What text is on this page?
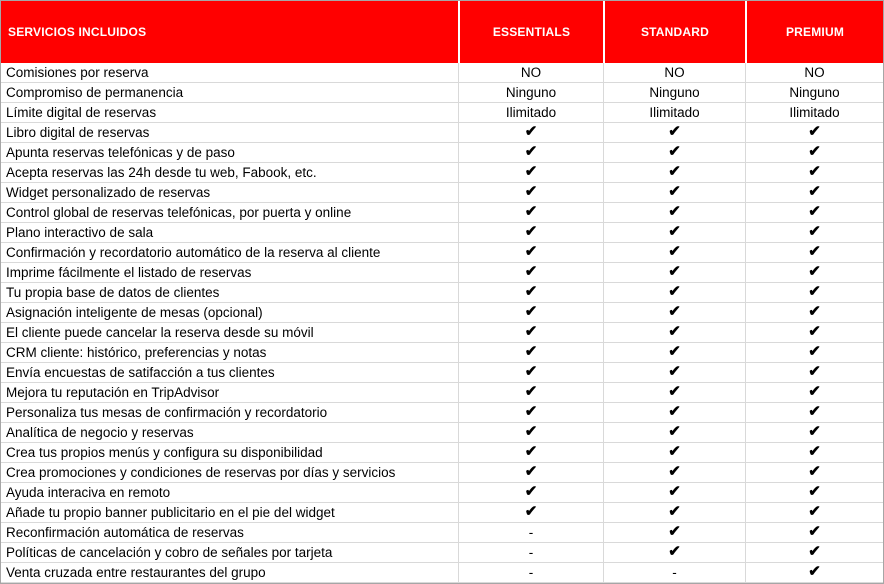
SERVICIOS INCLUIDOS	ESSENTIALS	STANDARD	PREMIUM
Comisiones por reserva	NO	NO	NO
Compromiso de permanencia	Ninguno	Ninguno	Ninguno
Límite digital de reservas	Ilimitado	Ilimitado	Ilimitado
Libro digital de reservas	✔	✔	✔
Apunta reservas telefónicas y de paso	✔	✔	✔
Acepta reservas las 24h desde tu web, Fabook, etc.	✔	✔	✔
Widget personalizado de reservas	✔	✔	✔
Control global de reservas telefónicas, por puerta y online	✔	✔	✔
Plano interactivo de sala	✔	✔	✔
Confirmación y recordatorio automático de la reserva al cliente	✔	✔	✔
Imprime fácilmente el listado de reservas	✔	✔	✔
Tu propia base de datos de clientes	✔	✔	✔
Asignación inteligente de mesas (opcional)	✔	✔	✔
El cliente puede cancelar la reserva desde su móvil	✔	✔	✔
CRM cliente: histórico, preferencias y notas	✔	✔	✔
Envía encuestas de satifacción a tus clientes	✔	✔	✔
Mejora tu reputación en TripAdvisor	✔	✔	✔
Personaliza tus mesas de confirmación y recordatorio	✔	✔	✔
Analítica de negocio y reservas	✔	✔	✔
Crea tus propios menús y configura su disponibilidad	✔	✔	✔
Crea promociones y condiciones de reservas por días y servicios	✔	✔	✔
Ayuda interaciva en remoto	✔	✔	✔
Añade tu propio banner publicitario en el pie del widget	✔	✔	✔
Reconfirmación automática de reservas	-	✔	✔
Políticas de cancelación y cobro de señales por tarjeta	-	✔	✔
Venta cruzada entre restaurantes del grupo	-	-	✔
